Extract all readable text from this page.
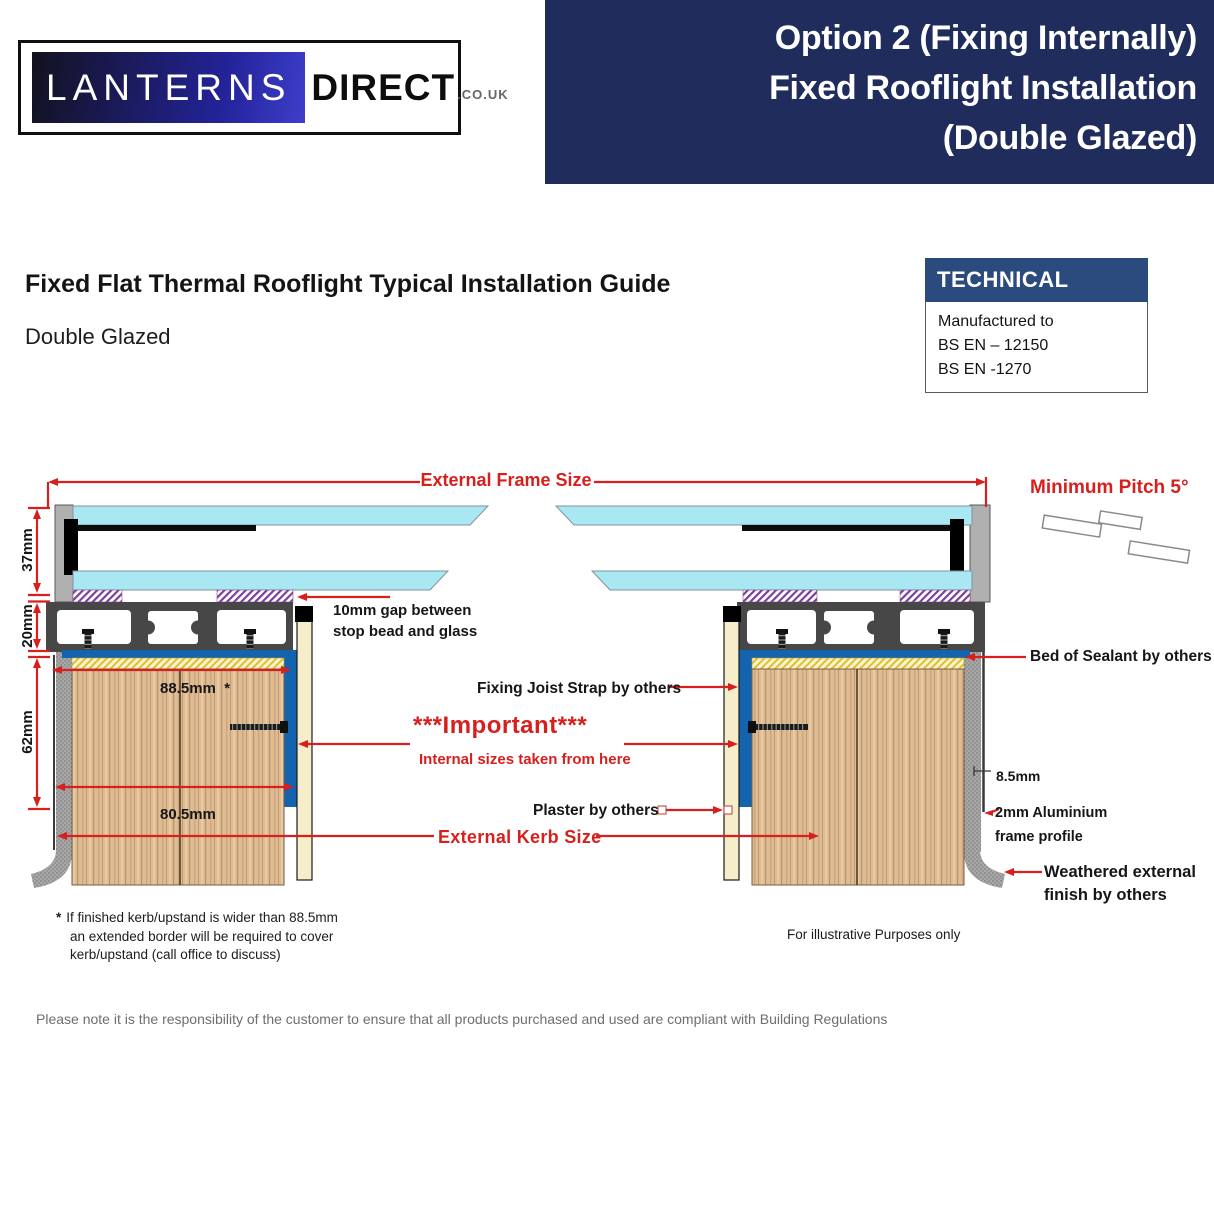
LANTERNS DIRECT .CO.UK
Option 2 (Fixing Internally)
Fixed Rooflight Installation
(Double Glazed)
Fixed Flat Thermal Rooflight Typical Installation Guide
Double Glazed
TECHNICAL
Manufactured to
BS EN – 12150
BS EN -1270
External Frame Size	Minimum Pitch 5°
37mm
20mm
62mm
10mm gap between
stop bead and glass
88.5mm  *
80.5mm
Fixing Joist Strap by others
***Important***
Internal sizes taken from here
Plaster by others
External Kerb Size
Bed of Sealant by others
8.5mm
2mm Aluminium
frame profile
Weathered external
finish by others
* If finished kerb/upstand is wider than 88.5mm
an extended border will be required to cover
kerb/upstand (call office to discuss)
For illustrative Purposes only
Please note it is the responsibility of the customer to ensure that all products purchased and used are compliant with Building Regulations
